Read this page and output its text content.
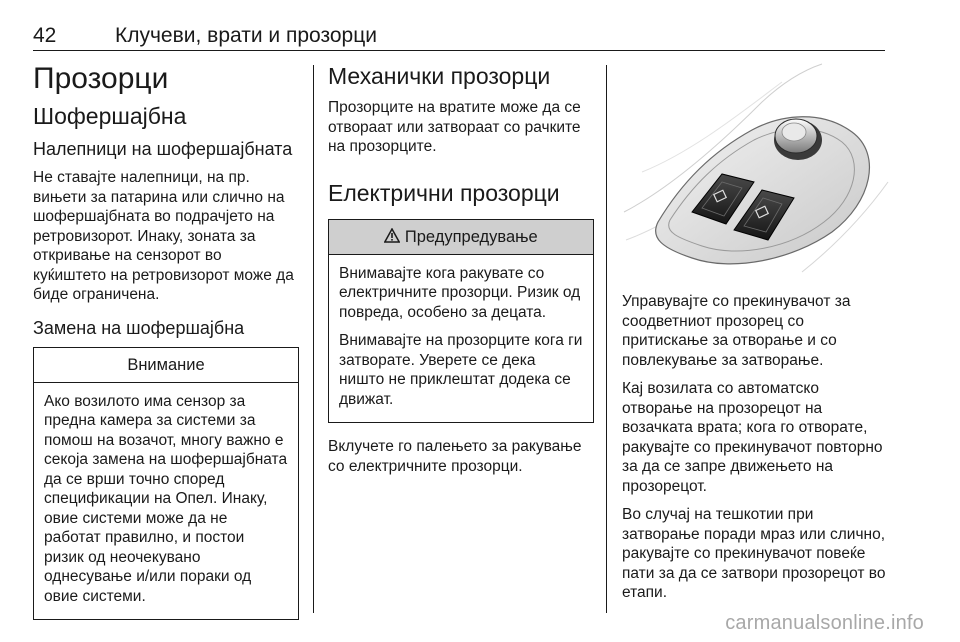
42	Клучеви, врати и прозорци
Прозорци
Шофершајбна
Налепници на шофершајбната

Не ставајте налепници, на пр. вињети за патарина или слично на шофершајбната во подрачјето на ретровизорот. Инаку, зоната за откривање на сензорот во куќиштето на ретровизорот може да биде ограничена.

Замена на шофершајбна
Внимание

Ако возилото има сензор за предна камера за системи за помош на возачот, многу важно е секоја замена на шофершајбната да се врши точно според спецификации на Опел. Инаку, овие системи може да не работат правилно, и постои ризик од неочекувано однесување и/или пораки од овие системи.

Механички прозорци

Прозорците на вратите може да се отвораат или затвораат со рачките на прозорците.

Електрични прозорци
Предупредување

Внимавајте кога ракувате со електричните прозорци. Ризик од повреда, особено за децата.

Внимавајте на прозорците кога ги затворате. Уверете се дека ништо не приклештат додека се движат.

Вклучете го палењето за ракување со електричните прозорци.

Управувајте со прекинувачот за соодветниот прозорец со притискање за отворање и со повлекување за затворање.

Кај возилата со автоматско отворање на прозорецот на возачката врата; кога го отворате, ракувајте со прекинувачот повторно за да се запре движењето на прозорецот.

Во случај на тешкотии при затворање поради мраз или слично, ракувајте со прекинувачот повеќе пати за да се затвори прозорецот во етапи.

carmanualsonline.info
